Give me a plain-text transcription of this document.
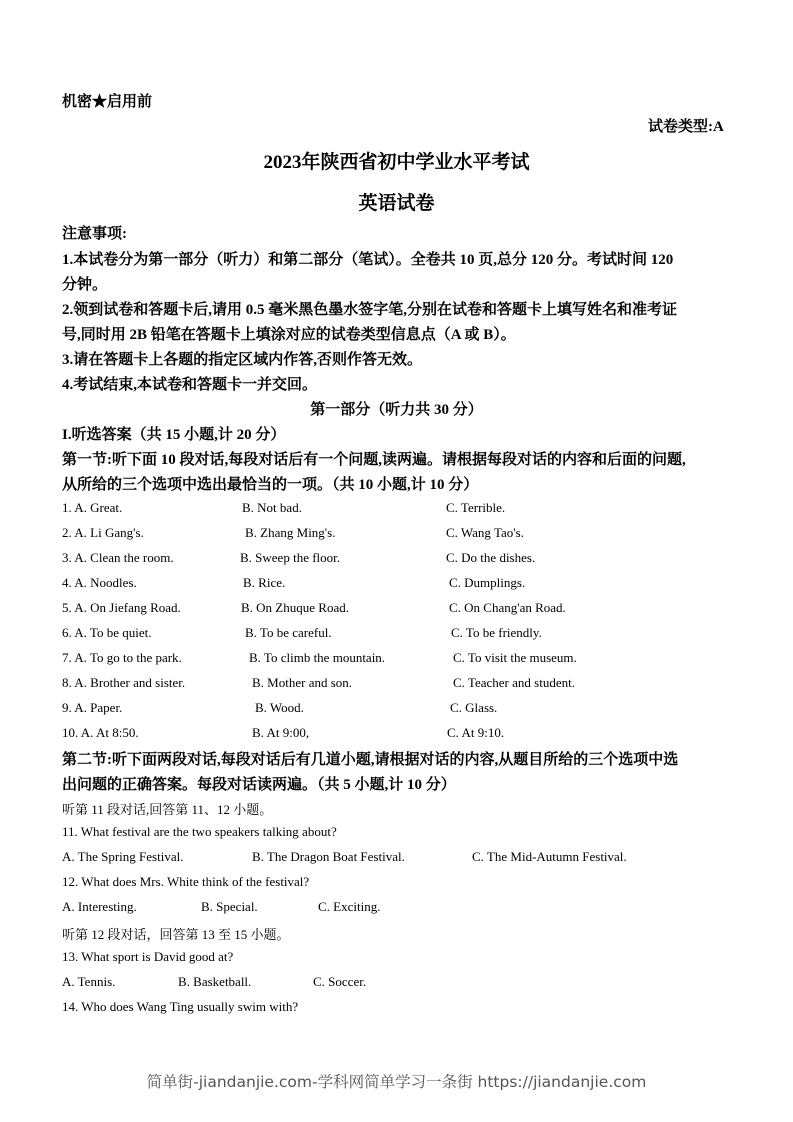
机密★启用前
试卷类型:A
2023年陕西省初中学业水平考试
英语试卷
注意事项:
1.本试卷分为第一部分（听力）和第二部分（笔试）。全卷共 10 页,总分 120 分。考试时间 120
分钟。
2.领到试卷和答题卡后,请用 0.5 毫米黑色墨水签字笔,分别在试卷和答题卡上填写姓名和准考证
号,同时用 2B 铅笔在答题卡上填涂对应的试卷类型信息点（A 或 B）。
3.请在答题卡上各题的指定区域内作答,否则作答无效。
4.考试结束,本试卷和答题卡一并交回。
第一部分（听力共 30 分）
I.听选答案（共 15 小题,计 20 分）
第一节:听下面 10 段对话,每段对话后有一个问题,读两遍。请根据每段对话的内容和后面的问题,
从所给的三个选项中选出最恰当的一项。（共 10 小题,计 10 分）
1. A. Great.	B. Not bad.	C. Terrible.
2. A. Li Gang's.	B. Zhang Ming's.	C. Wang Tao's.
3. A. Clean the room.	B. Sweep the floor.	C. Do the dishes.
4. A. Noodles.	B. Rice.	C. Dumplings.
5. A. On Jiefang Road.	B. On Zhuque Road.	C. On Chang'an Road.
6. A. To be quiet.	B. To be careful.	C. To be friendly.
7. A. To go to the park.	B. To climb the mountain.	C. To visit the museum.
8. A. Brother and sister.	B. Mother and son.	C. Teacher and student.
9. A. Paper.	B. Wood.	C. Glass.
10. A. At 8:50.	B. At 9:00,	C. At 9:10.
第二节:听下面两段对话,每段对话后有几道小题,请根据对话的内容,从题目所给的三个选项中选
出问题的正确答案。每段对话读两遍。（共 5 小题,计 10 分）
听第 11 段对话,回答第 11、12 小题。
11. What festival are the two speakers talking about?
A. The Spring Festival.	B. The Dragon Boat Festival.	C. The Mid-Autumn Festival.
12. What does Mrs. White think of the festival?
A. Interesting.	B. Special.	C. Exciting.
听第 12 段对话，回答第 13 至 15 小题。
13. What sport is David good at?
A. Tennis.	B. Basketball.	C. Soccer.
14. Who does Wang Ting usually swim with?
简单街-jiandanjie.com-学科网简单学习一条街 https://jiandanjie.com
